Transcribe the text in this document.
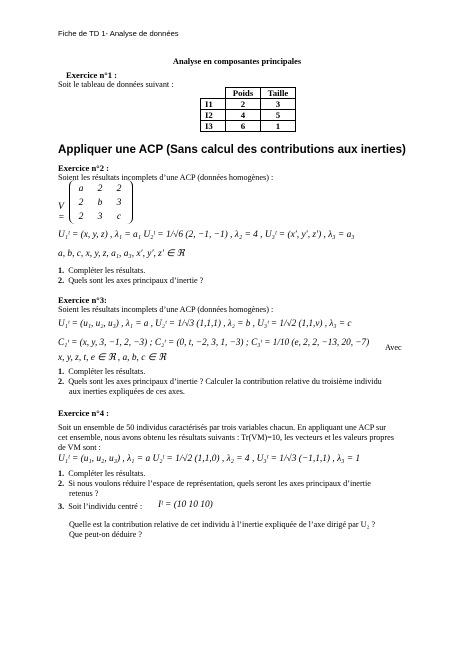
Fiche de TD 1- Analyse de données
Analyse en composantes principales
Exercice n°1 :
Soit le tableau de données suivant :
	Poids	Taille
I1	2	3
I2	4	5
I3	6	1
Appliquer une ACP (Sans calcul des contributions aux inerties)
Exercice n°2 :
Soient les résultats incomplets d’une ACP (données homogènes) :
V =
a	2	2
2	b	3
2	3	c
U₁ᵗ = (x, y, z) , λ₁ = a₁ U₂ᵗ = 1/√6 (2, −1, −1) , λ₂ = 4 , U₃ᵗ = (x′, y′, z′) , λ₃ = a₃
a, b, c, x, y, z, a₁, a₃, x′, y′, z′ ∈ ℜ
1. Compléter les résultats.
2. Quels sont les axes principaux d’inertie ?
Exercice n°3:
Soient les résultats incomplets d’une ACP (données homogènes) :
U₁ᵗ = (u₁, u₂, u₃) , λ₁ = a , U₂ᵗ = 1/√3 (1,1,1) , λ₂ = b , U₃ᵗ = 1/√2 (1,1,v) , λ₃ = c
C₁ᵗ = (x, y, 3, −1, 2, −3) ; C₂ᵗ = (0, t, −2, 3, 1, −3) ; C₃ᵗ = 1/10 (e, 2, 2, −13, 20, −7)
Avec
x, y, z, t, e ∈ ℜ , a, b, c ∈ ℜ
1. Compléter les résultats.
2. Quels sont les axes principaux d’inertie ? Calculer la contribution relative du troisième individu
aux inerties expliquées de ces axes.
Exercice n°4 :
Soit un ensemble de 50 individus caractérisés par trois variables chacun. En appliquant une ACP sur
cet ensemble, nous avons obtenu les résultats suivants : Tr(VM)=10, les vecteurs et les valeurs propres
de VM sont :
U₁ᵗ = (u₁, u₂, u₃) , λ₁ = a U₂ᵗ = 1/√2 (1,1,0) , λ₂ = 4 , U₃ᵗ = 1/√3 (−1,1,1) , λ₃ = 1
1. Compléter les résultats.
2. Si nous voulons réduire l’espace de représentation, quels seront les axes principaux d’inertie
retenus ?
3. Soit l’individu centré : Iᵗ = (10 10 10)
Quelle est la contribution relative de cet individu à l’inertie expliquée de l’axe dirigé par U₂ ?
Que peut-on déduire ?
